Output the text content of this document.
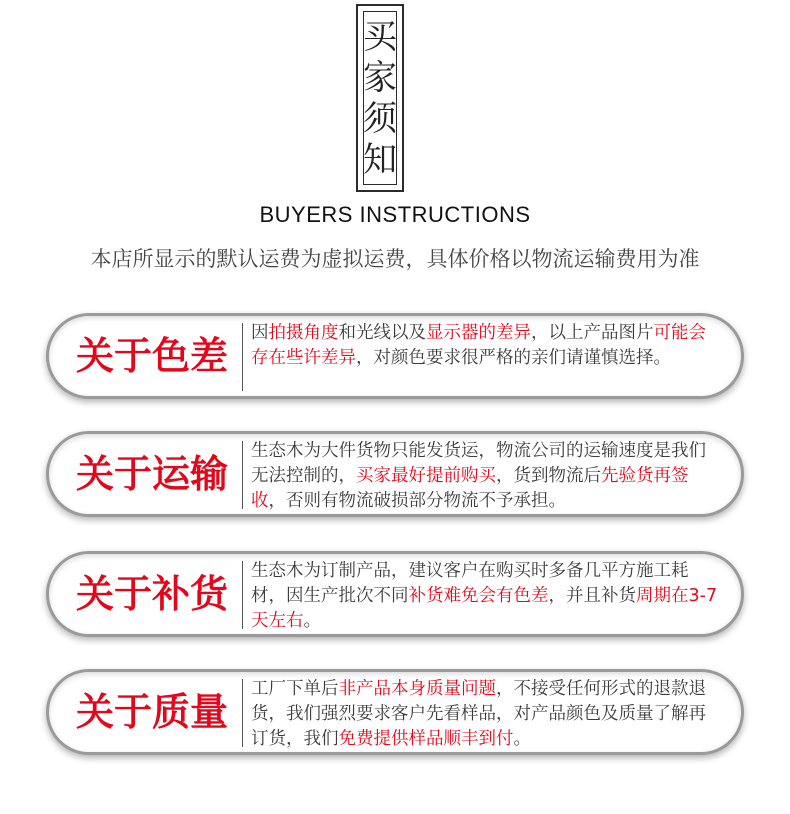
买
家
须
知
BUYERS INSTRUCTIONS
本店所显示的默认运费为虚拟运费，具体价格以物流运输费用为准
关于色差
因拍摄角度和光线以及显示器的差异，以上产品图片可能会存在些许差异，对颜色要求很严格的亲们请谨慎选择。
关于运输
生态木为大件货物只能发货运，物流公司的运输速度是我们无法控制的，买家最好提前购买，货到物流后先验货再签收，否则有物流破损部分物流不予承担。
关于补货
生态木为订制产品，建议客户在购买时多备几平方施工耗材，因生产批次不同补货难免会有色差，并且补货周期在3-7天左右。
关于质量
工厂下单后非产品本身质量问题，不接受任何形式的退款退货，我们强烈要求客户先看样品，对产品颜色及质量了解再订货，我们免费提供样品顺丰到付。
